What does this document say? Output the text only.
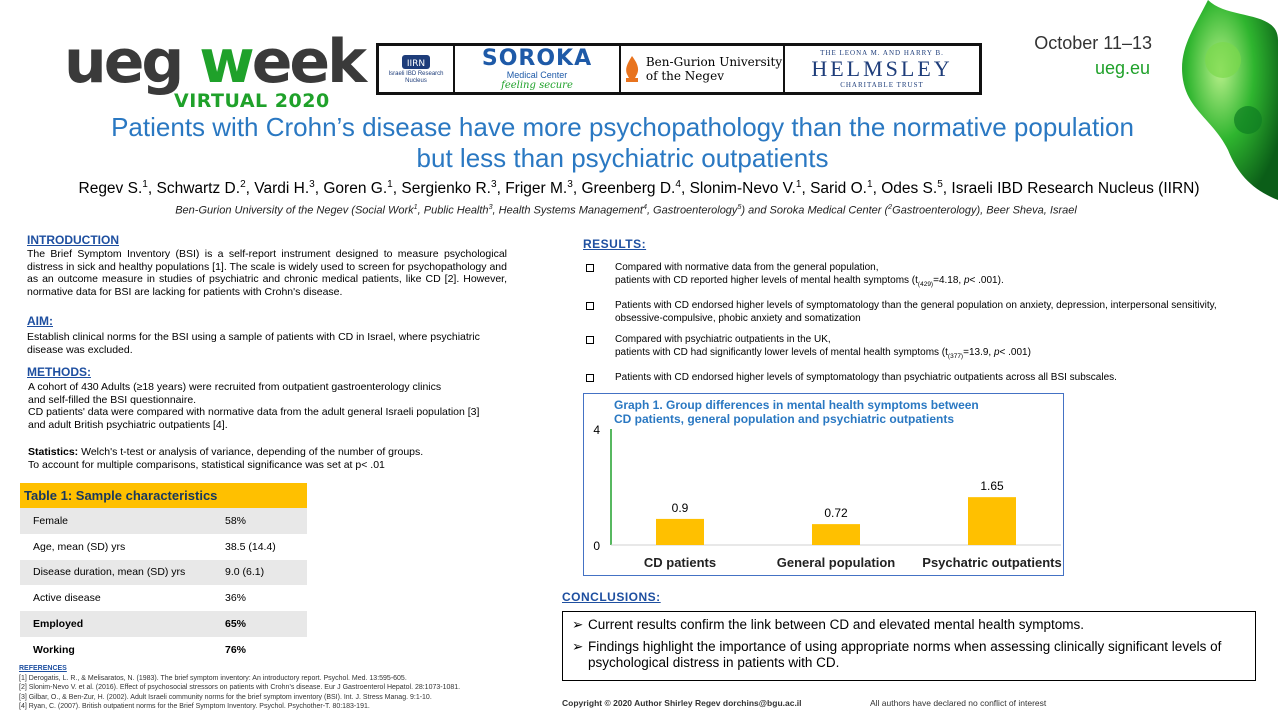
ueg week
VIRTUAL 2020
IIRN
Israeli IBD Research Nucleus
SOROKA
Medical Center
feeling secure
Ben-Gurion University
of the Negev
THE LEONA M. AND HARRY B.
HELMSLEY
CHARITABLE TRUST
October 11–13
ueg.eu
Patients with Crohn’s disease have more psychopathology than the normative population
but less than psychiatric outpatients
Regev S.$^1$, Schwartz D.$^2$, Vardi H.$^3$, Goren G.$^1$, Sergienko R.$^3$, Friger M.$^3$, Greenberg D.$^4$, Slonim-Nevo V.$^1$, Sarid O.$^1$, Odes S.$^5$, Israeli IBD Research Nucleus (IIRN)
Ben-Gurion University of the Negev (Social Work$^1$, Public Health$^3$, Health Systems Management$^4$, Gastroenterology$^5$) and Soroka Medical Center ($^2$Gastroenterology), Beer Sheva, Israel
INTRODUCTION
The Brief Symptom Inventory (BSI) is a self-report instrument designed to measure psychological distress in sick and healthy populations [1]. The scale is widely used to screen for psychopathology and as an outcome measure in studies of psychiatric and chronic medical patients, like CD [2]. However, normative data for BSI are lacking for patients with Crohn's disease.
AIM:
Establish clinical norms for the BSI using a sample of patients with CD in Israel, where psychiatric disease was excluded.
METHODS:
A cohort of 430 Adults (≥18 years) were recruited from outpatient gastroenterology clinics
and self-filled the BSI questionnaire.
CD patients' data were compared with normative data from the adult general Israeli population [3]
and adult British psychiatric outpatients [4].
Statistics: Welch's t-test or analysis of variance, depending of the number of groups.
To account for multiple comparisons, statistical significance was set at p< .01
Table 1: Sample characteristics	
Female	58%
Age, mean (SD) yrs	38.5 (14.4)
Disease duration, mean (SD) yrs	9.0 (6.1)
Active disease	36%
Employed	65%
Working	76%
REFERENCES
[1] Derogatis, L. R., & Melisaratos, N. (1983). The brief symptom inventory: An introductory report. Psychol. Med. 13:595-605.
[2] Slonim-Nevo V. et al. (2016). Effect of psychosocial stressors on patients with Crohn’s disease. Eur J Gastroenterol Hepatol. 28:1073-1081.
[3] Gilbar, O., & Ben-Zur, H. (2002). Adult Israeli community norms for the brief symptom inventory (BSI). Int. J. Stress Manag. 9:1-10.
[4] Ryan, C. (2007). British outpatient norms for the Brief Symptom Inventory. Psychol. Psychother-T. 80:183-191.
RESULTS:
Compared with normative data from the general population,
patients with CD reported higher levels of mental health symptoms ($t_{(429)}=4.18$, p< .001).
Patients with CD endorsed higher levels of symptomatology than the general population on anxiety, depression, interpersonal sensitivity, obsessive-compulsive, phobic anxiety and somatization
Compared with psychiatric outpatients in the UK,
patients with CD had significantly lower levels of mental health symptoms ($t_{(377)}=13.9$, p< .001)
Patients with CD endorsed higher levels of symptomatology than psychiatric outpatients across all BSI subscales.
Graph 1. Group differences in mental health symptoms between
CD patients, general population and psychiatric outpatients
0
4
0.9
CD patients
0.72
General population
1.65
Psychatric outpatients
CONCLUSIONS:
➢ Current results confirm the link between CD and elevated mental health symptoms.
➢ Findings highlight the importance of using appropriate norms when assessing clinically significant levels of psychological distress in patients with CD.
Copyright © 2020 Author Shirley Regev dorchins@bgu.ac.il	All authors have declared no conflict of interest
